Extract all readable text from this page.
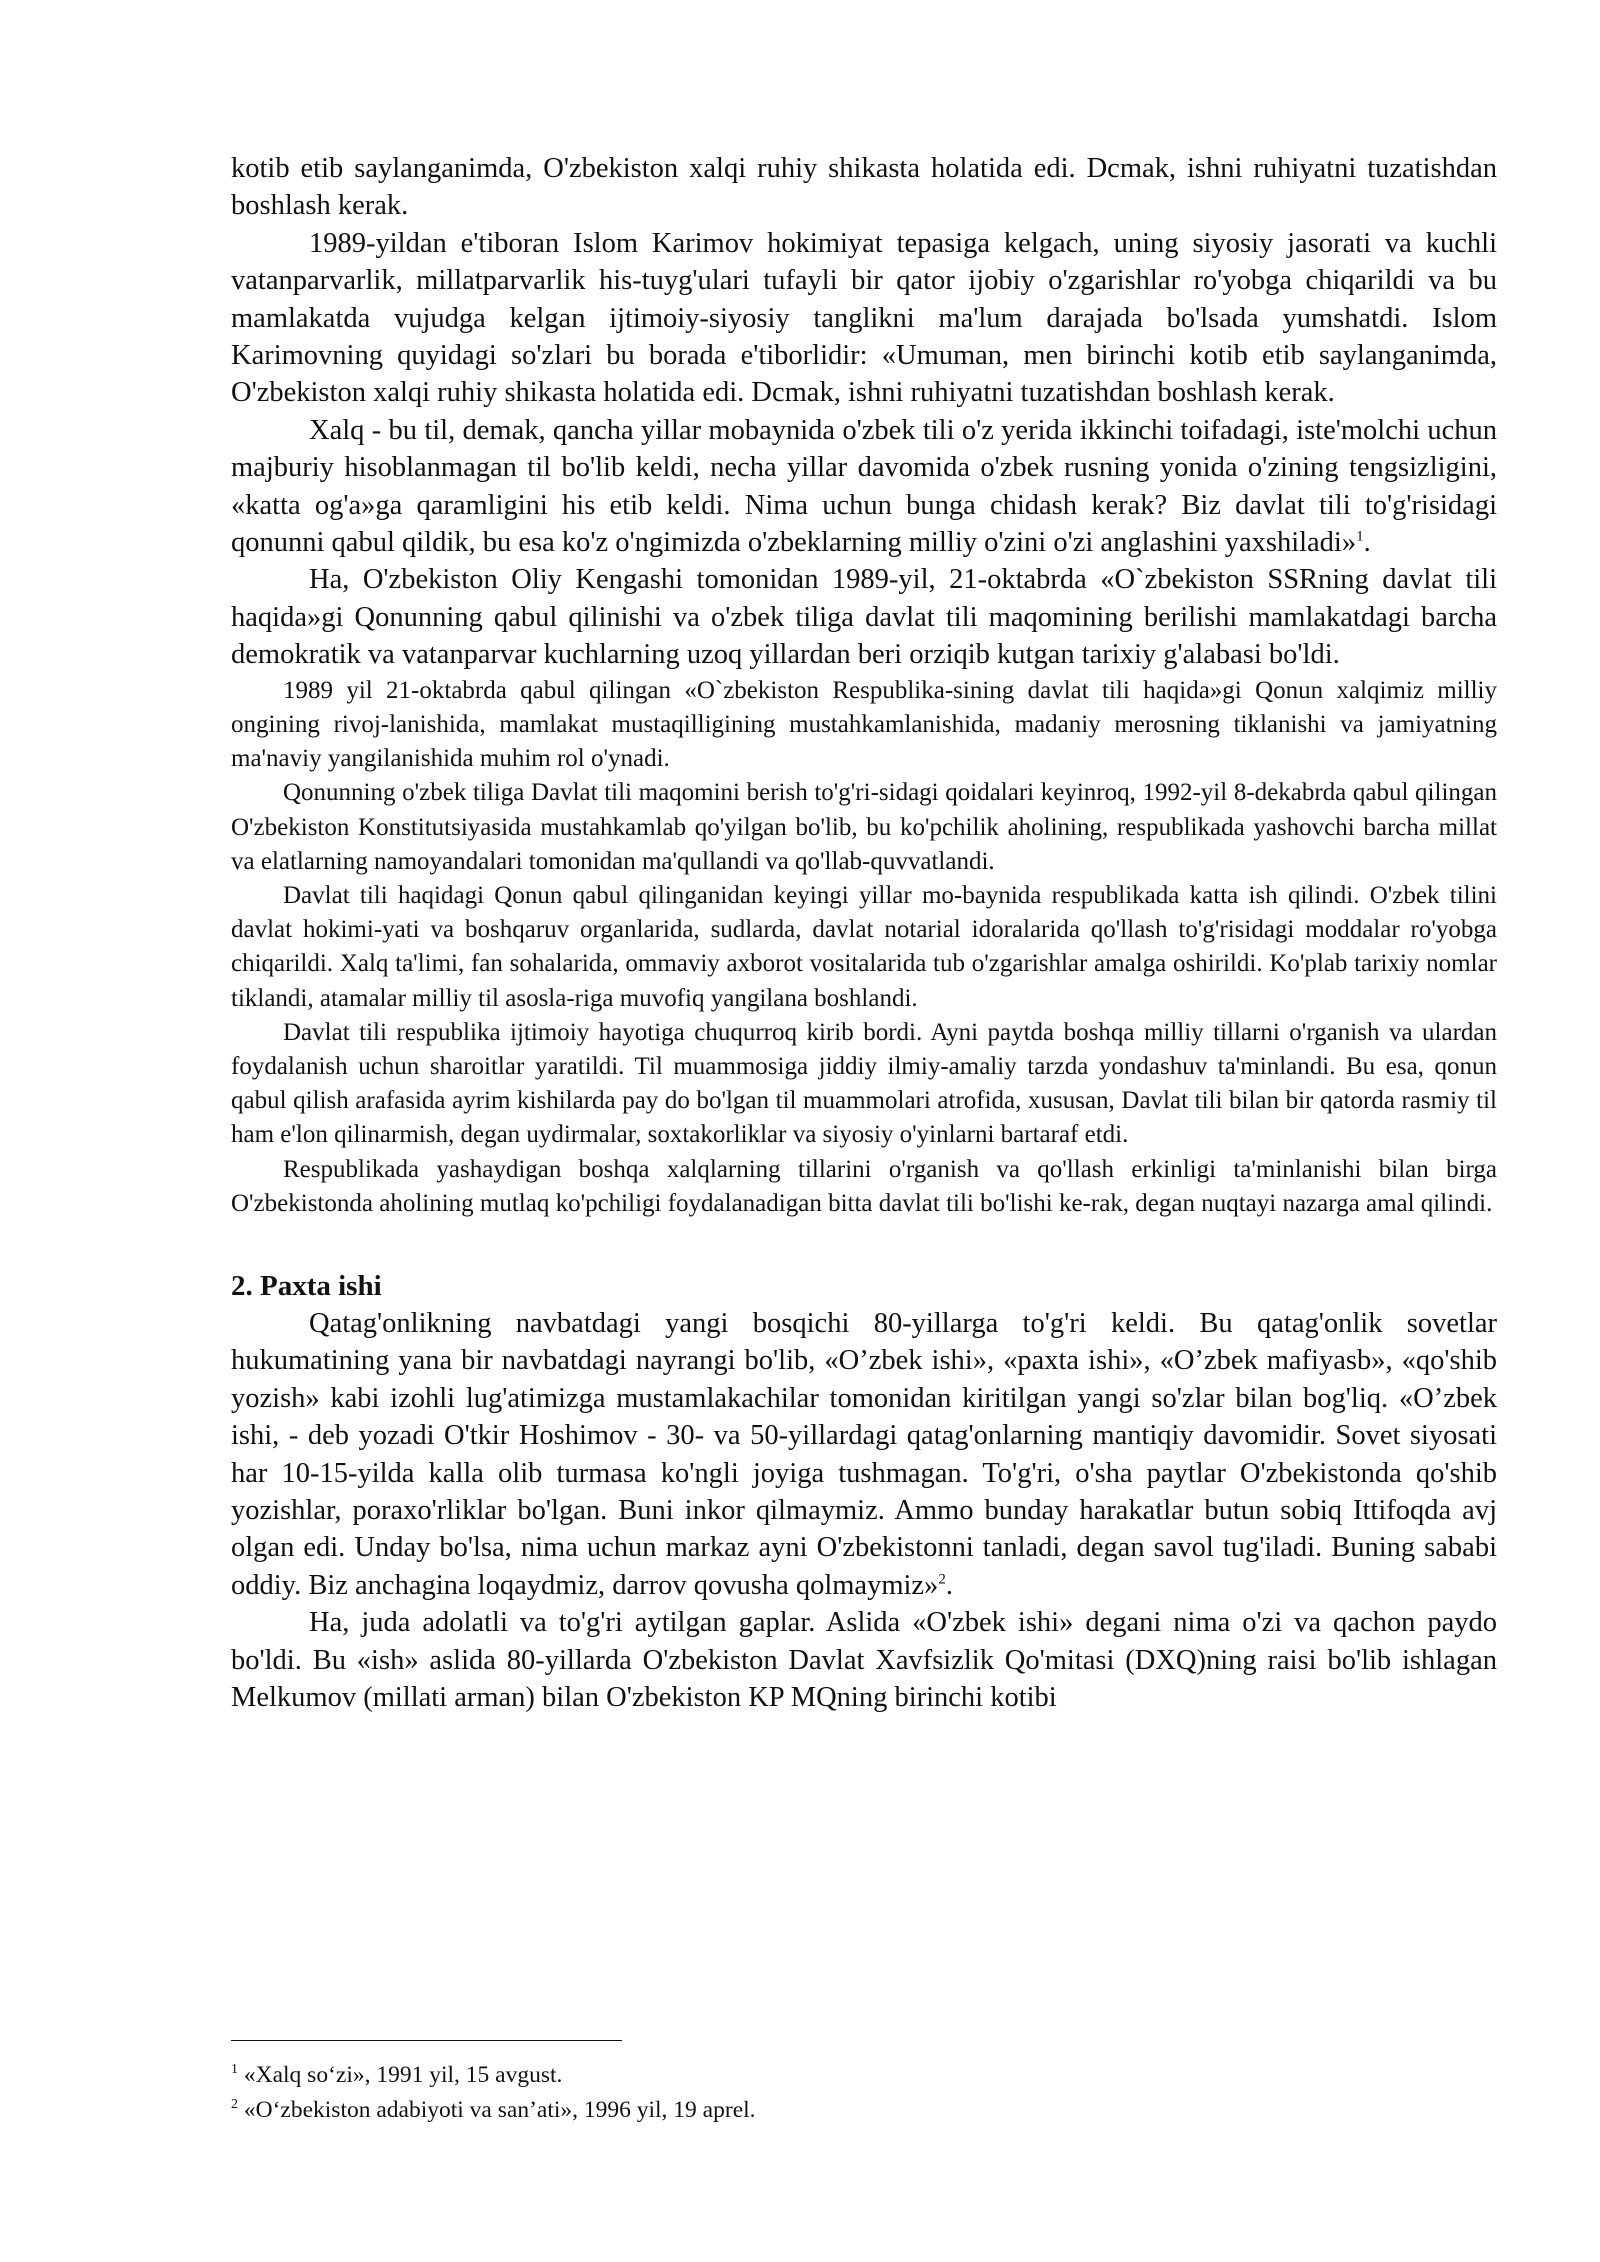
kotib etib saylanganimda, O'zbekiston xalqi ruhiy shikasta holatida edi. Dcmak, ishni ruhiyatni tuzatishdan boshlash kerak.

1989-yildan e'tiboran Islom Karimov hokimiyat tepasiga kelgach, uning siyosiy jasorati va kuchli vatanparvarlik, millatparvarlik his-tuyg'ulari tufayli bir qator ijobiy o'zgarishlar ro'yobga chiqarildi va bu mamlakatda vujudga kelgan ijtimoiy-siyosiy tanglikni ma'lum darajada bo'lsada yumshatdi. Islom Karimovning quyidagi so'zlari bu borada e'tiborlidir: «Umuman, men birinchi kotib etib saylanganimda, O'zbekiston xalqi ruhiy shikasta holatida edi. Dcmak, ishni ruhiyatni tuzatishdan boshlash kerak.

Xalq - bu til, demak, qancha yillar mobaynida o'zbek tili o'z yerida ikkinchi toifadagi, iste'molchi uchun majburiy hisoblanmagan til bo'lib keldi, necha yillar davomida o'zbek rusning yonida o'zining tengsizligini, «katta og'a»ga qaramligini his etib keldi. Nima uchun bunga chidash kerak? Biz davlat tili to'g'risidagi qonunni qabul qildik, bu esa ko'z o'ngimizda o'zbeklarning milliy o'zini o'zi anglashini yaxshiladi»$^1$.

Ha, O'zbekiston Oliy Kengashi tomonidan 1989-yil, 21-oktabrda «O`zbekiston SSRning davlat tili haqida»gi Qonunning qabul qilinishi va o'zbek tiliga davlat tili maqomining berilishi mamlakatdagi barcha demokratik va vatanparvar kuchlarning uzoq yillardan beri orziqib kutgan tarixiy g'alabasi bo'ldi.

1989 yil 21-oktabrda qabul qilingan «O`zbekiston Respublika-sining davlat tili haqida»gi Qonun xalqimiz milliy ongining rivoj-lanishida, mamlakat mustaqilligining mustahkamlanishida, madaniy merosning tiklanishi va jamiyatning ma'naviy yangilanishida muhim rol o'ynadi.

Qonunning o'zbek tiliga Davlat tili maqomini berish to'g'ri-sidagi qoidalari keyinroq, 1992-yil 8-dekabrda qabul qilingan O'zbekiston Konstitutsiyasida mustahkamlab qo'yilgan bo'lib, bu ko'pchilik aholining, respublikada yashovchi barcha millat va elatlarning namoyandalari tomonidan ma'qullandi va qo'llab-quvvatlandi.

Davlat tili haqidagi Qonun qabul qilinganidan keyingi yillar mo-baynida respublikada katta ish qilindi. O'zbek tilini davlat hokimi-yati va boshqaruv organlarida, sudlarda, davlat notarial idoralarida qo'llash to'g'risidagi moddalar ro'yobga chiqarildi. Xalq ta'limi, fan sohalarida, ommaviy axborot vositalarida tub o'zgarishlar amalga oshirildi. Ko'plab tarixiy nomlar tiklandi, atamalar milliy til asosla-riga muvofiq yangilana boshlandi.

Davlat tili respublika ijtimoiy hayotiga chuqurroq kirib bordi. Ayni paytda boshqa milliy tillarni o'rganish va ulardan foydalanish uchun sharoitlar yaratildi. Til muammosiga jiddiy ilmiy-amaliy tarzda yondashuv ta'minlandi. Bu esa, qonun qabul qilish arafasida ayrim kishilarda pay do bo'lgan til muammolari atrofida, xususan, Davlat tili bilan bir qatorda rasmiy til ham e'lon qilinarmish, degan uydirmalar, soxtakorliklar va siyosiy o'yinlarni bartaraf etdi.

Respublikada yashaydigan boshqa xalqlarning tillarini o'rganish va qo'llash erkinligi ta'minlanishi bilan birga O'zbekistonda aholining mutlaq ko'pchiligi foydalanadigan bitta davlat tili bo'lishi ke-rak, degan nuqtayi nazarga amal qilindi.

2. Paxta ishi

Qatag'onlikning navbatdagi yangi bosqichi 80-yillarga to'g'ri keldi. Bu qatag'onlik sovetlar hukumatining yana bir navbatdagi nayrangi bo'lib, «O’zbek ishi», «paxta ishi», «O’zbek mafiyasb», «qo'shib yozish» kabi izohli lug'atimizga mustamlakachilar tomonidan kiritilgan yangi so'zlar bilan bog'liq. «O’zbek ishi, - deb yozadi O'tkir Hoshimov - 30- va 50-yillardagi qatag'onlarning mantiqiy davomidir. Sovet siyosati har 10-15-yilda kalla olib turmasa ko'ngli joyiga tushmagan. To'g'ri, o'sha paytlar O'zbekistonda qo'shib yozishlar, poraxo'rliklar bo'lgan. Buni inkor qilmaymiz. Ammo bunday harakatlar butun sobiq Ittifoqda avj olgan edi. Unday bo'lsa, nima uchun markaz ayni O'zbekistonni tanladi, degan savol tug'iladi. Buning sababi oddiy. Biz anchagina loqaydmiz, darrov qovusha qolmaymiz»$^2$.

Ha, juda adolatli va to'g'ri aytilgan gaplar. Aslida «O'zbek ishi» degani nima o'zi va qachon paydo bo'ldi. Bu «ish» aslida 80-yillarda O'zbekiston Davlat Xavfsizlik Qo'mitasi (DXQ)ning raisi bo'lib ishlagan Melkumov (millati arman) bilan O'zbekiston KP MQning birinchi kotibi

$^1$ «Xalq so‘zi», 1991 yil, 15 avgust.

$^2$ «O‘zbekiston adabiyoti va san’ati», 1996 yil, 19 aprel.
